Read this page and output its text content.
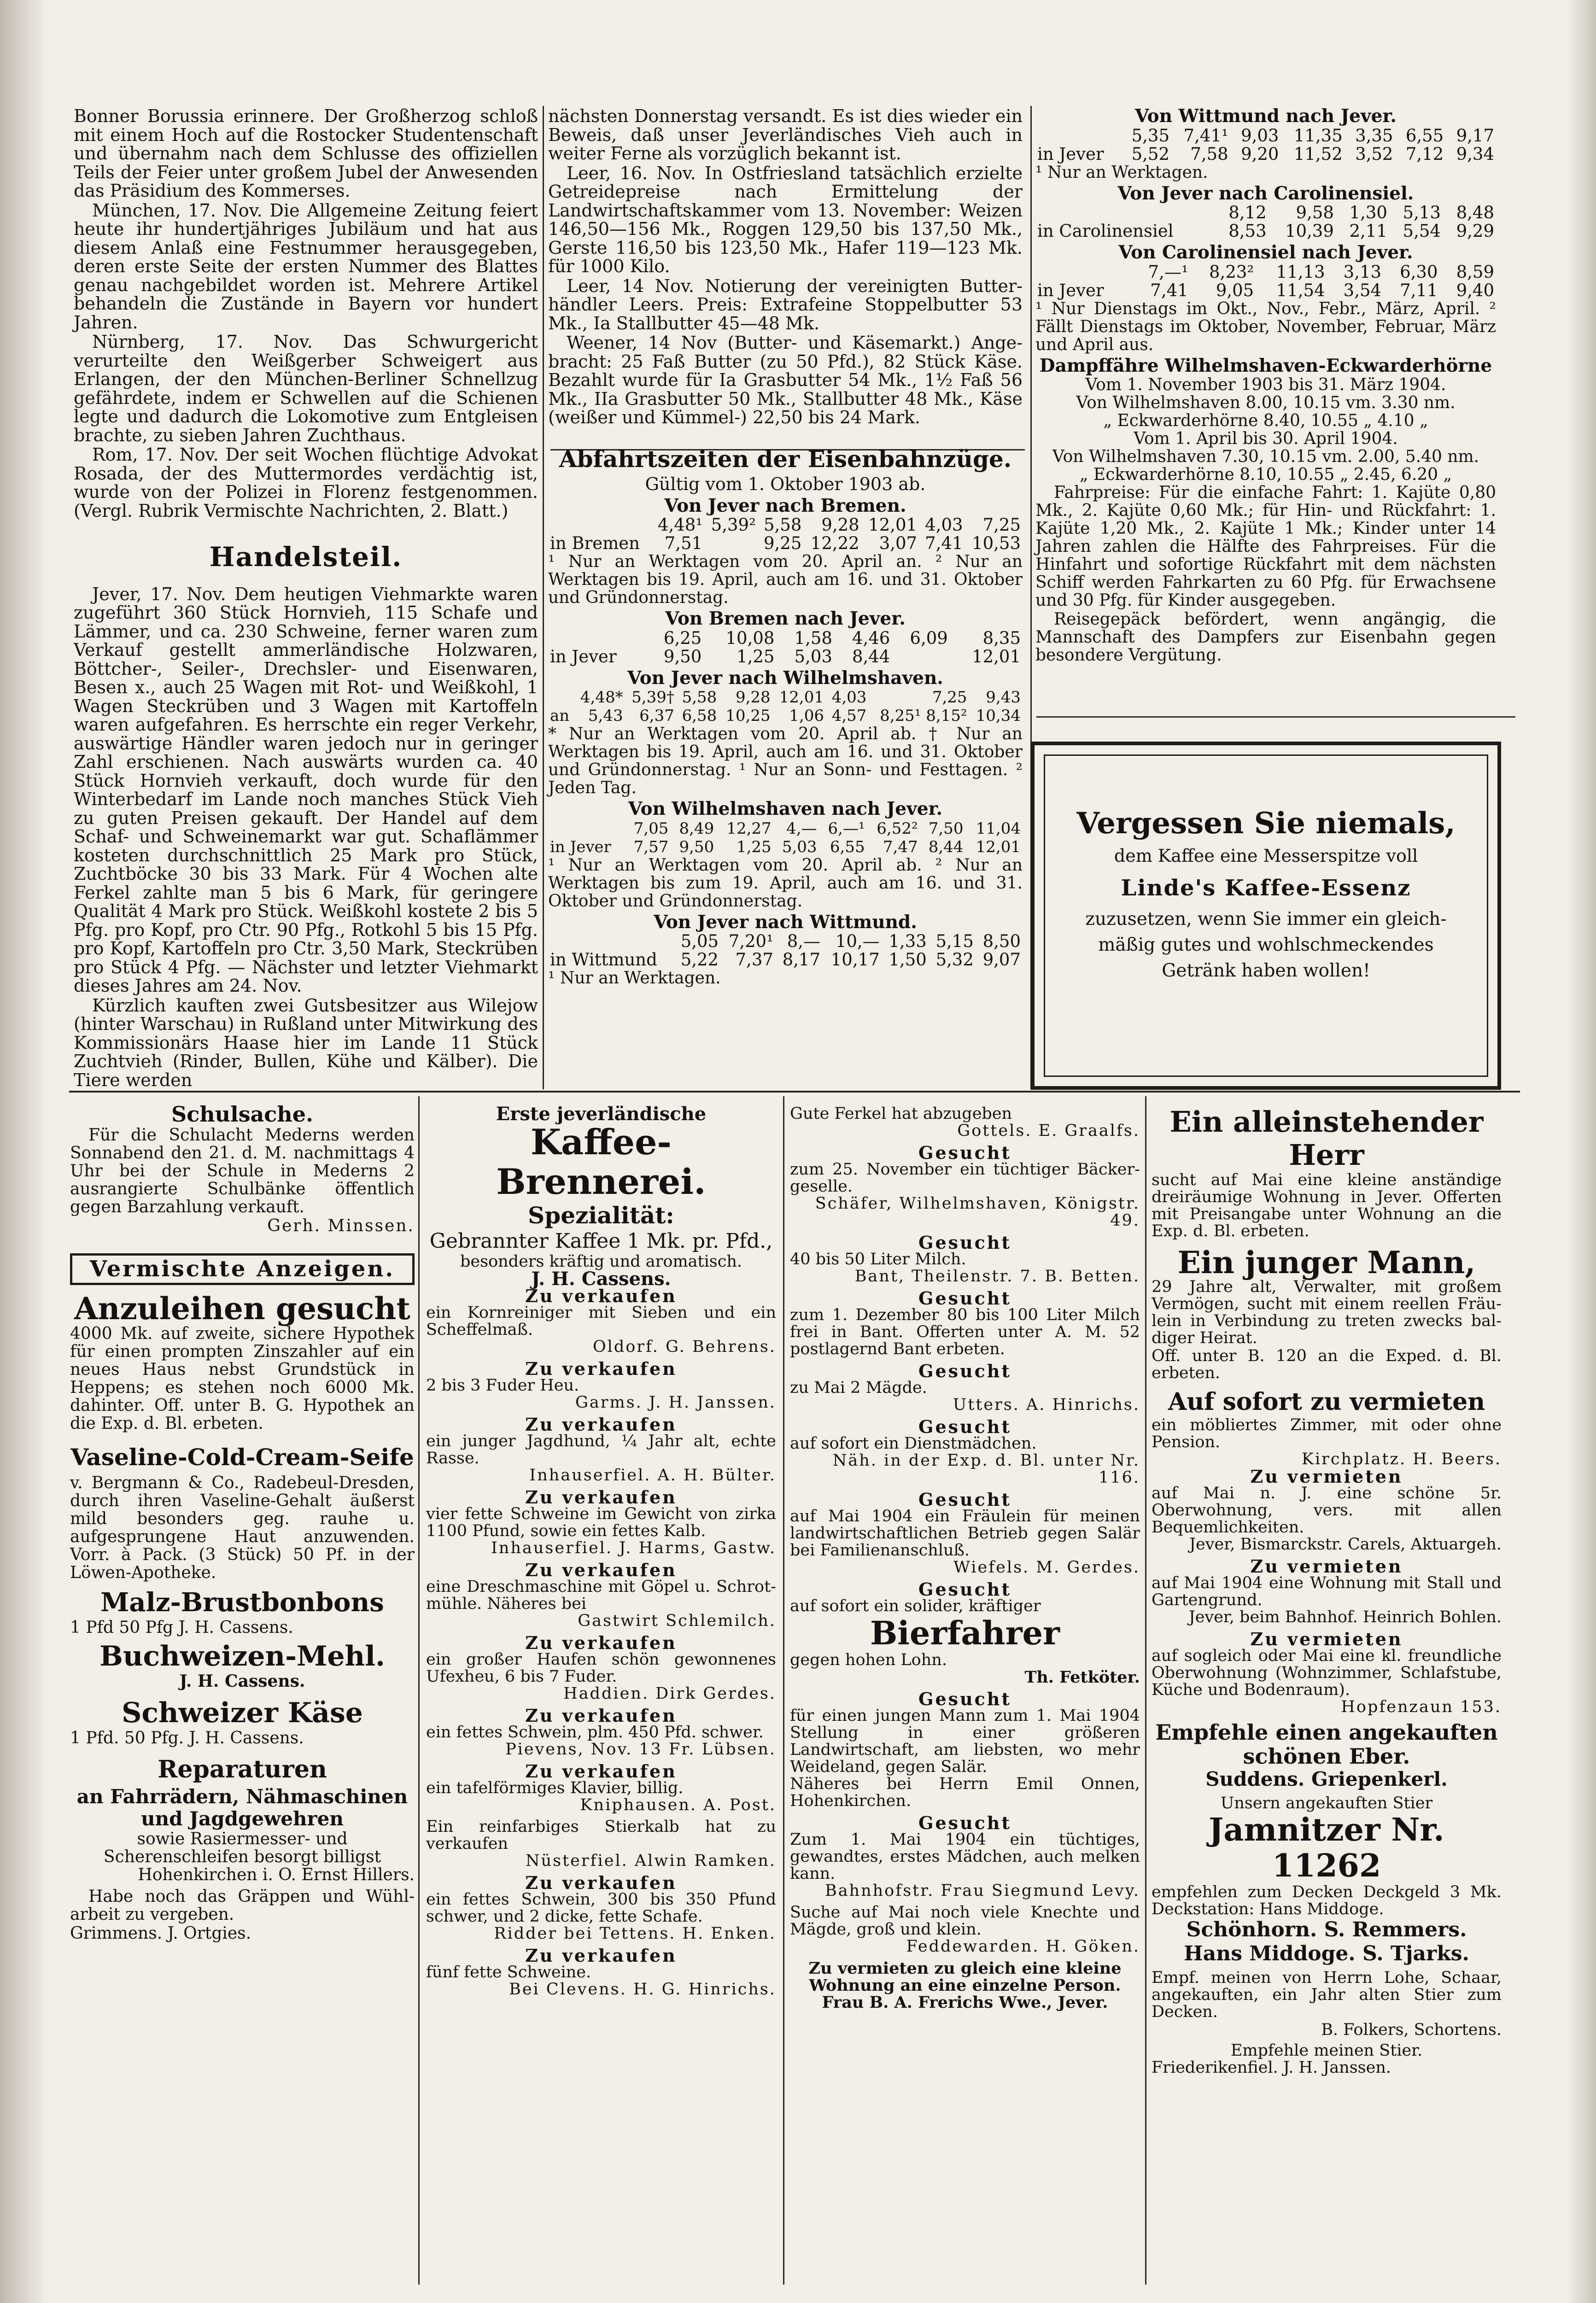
Bonner Borussia erinnere. Der Großherzog schloß mit einem Hoch auf die Rostocker Studentenschaft und übernahm nach dem Schlusse des offiziellen Teils der Feier unter großem Jubel der Anwesenden das Präsidium des Kommerses.

München, 17. Nov. Die Allgemeine Zeitung feiert heute ihr hundertjähriges Jubiläum und hat aus diesem Anlaß eine Festnummer herausgegeben, deren erste Seite der ersten Nummer des Blattes genau nachgebildet worden ist. Mehrere Artikel behandeln die Zustände in Bayern vor hundert Jahren.

Nürnberg, 17. Nov. Das Schwurgericht verurteilte den Weißgerber Schweigert aus Erlangen, der den München-Berliner Schnellzug gefährdete, indem er Schwellen auf die Schienen legte und dadurch die Lokomotive zum Entgleisen brachte, zu sieben Jahren Zuchthaus.

Rom, 17. Nov. Der seit Wochen flüchtige Advokat Rosada, der des Muttermordes verdächtig ist, wurde von der Polizei in Florenz festgenommen. (Vergl. Rubrik Vermischte Nachrichten, 2. Blatt.)

Handelsteil.

Jever, 17. Nov. Dem heutigen Viehmarkte waren zugeführt 360 Stück Hornvieh, 115 Schafe und Lämmer, und ca. 230 Schweine, ferner waren zum Verkauf gestellt ammerländische Holzwaren, Böttcher-, Seiler-, Drechsler- und Eisenwaren, Besen x., auch 25 Wagen mit Rot- und Weißkohl, 1 Wagen Steckrüben und 3 Wagen mit Kartoffeln waren aufgefahren. Es herrschte ein reger Verkehr, auswärtige Händler waren jedoch nur in geringer Zahl erschienen. Nach auswärts wurden ca. 40 Stück Hornvieh verkauft, doch wurde für den Winterbedarf im Lande noch manches Stück Vieh zu guten Preisen gekauft. Der Handel auf dem Schaf- und Schweinemarkt war gut. Schaflämmer kosteten durchschnittlich 25 Mark pro Stück, Zuchtböcke 30 bis 33 Mark. Für 4 Wochen alte Ferkel zahlte man 5 bis 6 Mark, für geringere Qualität 4 Mark pro Stück. Weißkohl kostete 2 bis 5 Pfg. pro Kopf, pro Ctr. 90 Pfg., Rotkohl 5 bis 15 Pfg. pro Kopf, Kartoffeln pro Ctr. 3,50 Mark, Steckrüben pro Stück 4 Pfg. — Nächster und letzter Viehmarkt dieses Jahres am 24. Nov.

Kürzlich kauften zwei Gutsbesitzer aus Wilejow (hinter Warschau) in Rußland unter Mitwirkung des Kommissionärs Haase hier im Lande 11 Stück Zuchtvieh (Rinder, Bullen, Kühe und Kälber). Die Tiere werden

nächsten Donnerstag versandt. Es ist dies wieder ein Beweis, daß unser Jeverländisches Vieh auch in weiter Ferne als vorzüglich bekannt ist.

Leer, 16. Nov. In Ostfriesland tatsächlich erzielte Getreidepreise nach Ermittelung der Landwirtschaftskammer vom 13. November: Weizen 146,50—156 Mk., Roggen 129,50 bis 137,50 Mk., Gerste 116,50 bis 123,50 Mk., Hafer 119—123 Mk. für 1000 Kilo.

Leer, 14 Nov. Notierung der vereinigten Butterhändler Leers. Preis: Extrafeine Stoppelbutter 53 Mk., Ia Stallbutter 45—48 Mk.

Weener, 14 Nov (Butter- und Käsemarkt.) Angebracht: 25 Faß Butter (zu 50 Pfd.), 82 Stück Käse. Bezahlt wurde für Ia Grasbutter 54 Mk., 1½ Faß 56 Mk., IIa Grasbutter 50 Mk., Stallbutter 48 Mk., Käse (weißer und Kümmel-) 22,50 bis 24 Mark.

Abfahrtszeiten der Eisenbahnzüge.
Gültig vom 1. Oktober 1903 ab.
Von Jever nach Bremen.
	4,48¹	5,39²	5,58	9,28	12,01	4,03	7,25
in Bremen	7,51		9,25	12,22	3,07	7,41	10,53
¹ Nur an Werktagen vom 20. April an. ² Nur an Werktagen bis 19. April, auch am 16. und 31. Oktober und Gründonnerstag.
Von Bremen nach Jever.
	6,25	10,08	1,58	4,46	6,09	8,35
in Jever	9,50	1,25	5,03	8,44		12,01
Von Jever nach Wilhelmshaven.
	4,48*	5,39†	5,58	9,28	12,01	4,03	7,25	9,43
an	5,43	6,37	6,58	10,25	1,06	4,57	8,25¹ 8,15²	10,34
* Nur an Werktagen vom 20. April ab. † Nur an Werktagen bis 19. April, auch am 16. und 31. Oktober und Gründonnerstag. ¹ Nur an Sonn- und Festtagen. ² Jeden Tag.
Von Wilhelmshaven nach Jever.
	7,05	8,49	12,27	4,—	6,—¹	6,52²	7,50	11,04
in Jever	7,57	9,50	1,25	5,03	6,55	7,47	8,44	12,01
¹ Nur an Werktagen vom 20. April ab. ² Nur an Werktagen bis zum 19. April, auch am 16. und 31. Oktober und Gründonnerstag.
Von Jever nach Wittmund.
	5,05	7,20¹	8,—	10,—	1,33	5,15	8,50
in Wittmund	5,22	7,37	8,17	10,17	1,50	5,32	9,07
¹ Nur an Werktagen.
Von Wittmund nach Jever.
	5,35	7,41¹	9,03	11,35	3,35	6,55	9,17
in Jever	5,52	7,58	9,20	11,52	3,52	7,12	9,34
¹ Nur an Werktagen.
Von Jever nach Carolinensiel.
	8,12	9,58	1,30	5,13	8,48
in Carolinensiel	8,53	10,39	2,11	5,54	9,29
Von Carolinensiel nach Jever.
	7,—¹	8,23²	11,13	3,13	6,30	8,59
in Jever	7,41	9,05	11,54	3,54	7,11	9,40
¹ Nur Dienstags im Okt., Nov., Febr., März, April. ² Fällt Dienstags im Oktober, November, Februar, März und April aus.
Dampffähre Wilhelmshaven-Eckwarderhörne
Vom 1. November 1903 bis 31. März 1904.
Von Wilhelmshaven 8.00, 10.15 vm. 3.30 nm.
„ Eckwarderhörne 8.40, 10.55 „ 4.10 „
Vom 1. April bis 30. April 1904.
Von Wilhelmshaven 7.30, 10.15 vm. 2.00, 5.40 nm.
„ Eckwarderhörne 8.10, 10.55 „ 2.45, 6.20 „

Fahrpreise: Für die einfache Fahrt: 1. Kajüte 0,80 Mk., 2. Kajüte 0,60 Mk.; für Hin- und Rückfahrt: 1. Kajüte 1,20 Mk., 2. Kajüte 1 Mk.; Kinder unter 14 Jahren zahlen die Hälfte des Fahrpreises. Für die Hinfahrt und sofortige Rückfahrt mit dem nächsten Schiff werden Fahrkarten zu 60 Pfg. für Erwachsene und 30 Pfg. für Kinder ausgegeben.

Reisegepäck befördert, wenn angängig, die Mannschaft des Dampfers zur Eisenbahn gegen besondere Vergütung.

Vergessen Sie niemals,
dem Kaffee eine Messerspitze voll
Linde's Kaffee-Essenz
zuzusetzen, wenn Sie immer ein gleichmäßig gutes und wohlschmeckendes Getränk haben wollen!
Schulsache.

Für die Schulacht Mederns werden Sonnabend den 21. d. M. nachmittags 4 Uhr bei der Schule in Mederns 2 ausrangierte Schulbänke öffentlich gegen Barzahlung verkauft.

Gerh. Minssen.
Vermischte Anzeigen.
Anzuleihen gesucht

4000 Mk. auf zweite, sichere Hypothek für einen prompten Zinszahler auf ein neues Haus nebst Grundstück in Heppens; es stehen noch 6000 Mk. dahinter. Off. unter B. G. Hypothek an die Exp. d. Bl. erbeten.

Vaseline-Cold-Cream-Seife

v. Bergmann & Co., Radebeul-Dresden, durch ihren Vaseline-Gehalt äußerst mild besonders geg. rauhe u. aufgesprungene Haut anzuwenden. Vorr. à Pack. (3 Stück) 50 Pf. in der Löwen-Apotheke.

Malz-Brustbonbons
1 Pfd 50 Pfg J. H. Cassens.
Buchweizen-Mehl.
J. H. Cassens.
Schweizer Käse
1 Pfd. 50 Pfg. J. H. Cassens.
Reparaturen
an Fahrrädern, Nähmaschinen und Jagdgewehren
sowie Rasiermesser- und Scherenschleifen besorgt billigst
Hohenkirchen i. O. Ernst Hillers.

Habe noch das Gräppen und Wühlarbeit zu vergeben.

Grimmens. J. Ortgies.
Erste jeverländische
Kaffee-Brennerei.
Spezialität:
Gebrannter Kaffee 1 Mk. pr. Pfd.,
besonders kräftig und aromatisch.
J. H. Cassens.
Zu verkaufen
ein Kornreiniger mit Sieben und ein Scheffelmaß.
Oldorf. G. Behrens.
Zu verkaufen
2 bis 3 Fuder Heu.
Garms. J. H. Janssen.
Zu verkaufen
ein junger Jagdhund, ¼ Jahr alt, echte Rasse.
Inhauserfiel. A. H. Bülter.
Zu verkaufen
vier fette Schweine im Gewicht von zirka 1100 Pfund, sowie ein fettes Kalb.
Inhauserfiel. J. Harms, Gastw.
Zu verkaufen
eine Dreschmaschine mit Göpel u. Schrotmühle. Näheres bei
Gastwirt Schlemilch.
Zu verkaufen
ein großer Haufen schön gewonnenes Ufexheu, 6 bis 7 Fuder.
Haddien. Dirk Gerdes.
Zu verkaufen
ein fettes Schwein, plm. 450 Pfd. schwer.
Pievens, Nov. 13 Fr. Lübsen.
Zu verkaufen
ein tafelförmiges Klavier, billig.
Kniphausen. A. Post.
Ein reinfarbiges Stierkalb hat zu verkaufen
Nüsterfiel. Alwin Ramken.
Zu verkaufen
ein fettes Schwein, 300 bis 350 Pfund schwer, und 2 dicke, fette Schafe.
Ridder bei Tettens. H. Enken.
Zu verkaufen
fünf fette Schweine.
Bei Clevens. H. G. Hinrichs.
Gute Ferkel hat abzugeben
Gottels. E. Graalfs.
Gesucht
zum 25. November ein tüchtiger Bäckergeselle.
Schäfer, Wilhelmshaven, Königstr. 49.
Gesucht
40 bis 50 Liter Milch.
Bant, Theilenstr. 7. B. Betten.
Gesucht
zum 1. Dezember 80 bis 100 Liter Milch frei in Bant. Offerten unter A. M. 52 postlagernd Bant erbeten.
Gesucht
zu Mai 2 Mägde.
Utters. A. Hinrichs.
Gesucht
auf sofort ein Dienstmädchen.
Näh. in der Exp. d. Bl. unter Nr. 116.
Gesucht
auf Mai 1904 ein Fräulein für meinen landwirtschaftlichen Betrieb gegen Salär bei Familienanschluß.
Wiefels. M. Gerdes.
Gesucht
auf sofort ein solider, kräftiger
Bierfahrer
gegen hohen Lohn.
Th. Fetköter.
Gesucht
für einen jungen Mann zum 1. Mai 1904 Stellung in einer größeren Landwirtschaft, am liebsten, wo mehr Weideland, gegen Salär.
Näheres bei Herrn Emil Onnen, Hohenkirchen.
Gesucht
Zum 1. Mai 1904 ein tüchtiges, gewandtes, erstes Mädchen, auch melken kann.
Bahnhofstr. Frau Siegmund Levy.
Suche auf Mai noch viele Knechte und Mägde, groß und klein.
Feddewarden. H. Göken.
Zu vermieten zu gleich eine kleine Wohnung an eine einzelne Person.
Frau B. A. Frerichs Wwe., Jever.
Ein alleinstehender Herr

sucht auf Mai eine kleine anständige dreiräumige Wohnung in Jever. Offerten mit Preisangabe unter Wohnung an die Exp. d. Bl. erbeten.

Ein junger Mann,

29 Jahre alt, Verwalter, mit großem Vermögen, sucht mit einem reellen Fräulein in Verbindung zu treten zwecks baldiger Heirat.

Off. unter B. 120 an die Exped. d. Bl. erbeten.
Auf sofort zu vermieten
ein möbliertes Zimmer, mit oder ohne Pension.
Kirchplatz. H. Beers.
Zu vermieten
auf Mai n. J. eine schöne 5r. Oberwohnung, vers. mit allen Bequemlichkeiten.
Jever, Bismarckstr. Carels, Aktuargeh.
Zu vermieten
auf Mai 1904 eine Wohnung mit Stall und Gartengrund.
Jever, beim Bahnhof. Heinrich Bohlen.
Zu vermieten
auf sogleich oder Mai eine kl. freundliche Oberwohnung (Wohnzimmer, Schlafstube, Küche und Bodenraum).
Hopfenzaun 153.
Empfehle einen angekauften schönen Eber.
Suddens. Griepenkerl.
Unsern angekauften Stier
Jamnitzer Nr. 11262
empfehlen zum Decken Deckgeld 3 Mk. Deckstation: Hans Middoge.
Schönhorn. S. Remmers.
Hans Middoge. S. Tjarks.

Empf. meinen von Herrn Lohe, Schaar, angekauften, ein Jahr alten Stier zum Decken.

B. Folkers, Schortens.
Empfehle meinen Stier.
Friederikenfiel. J. H. Janssen.
